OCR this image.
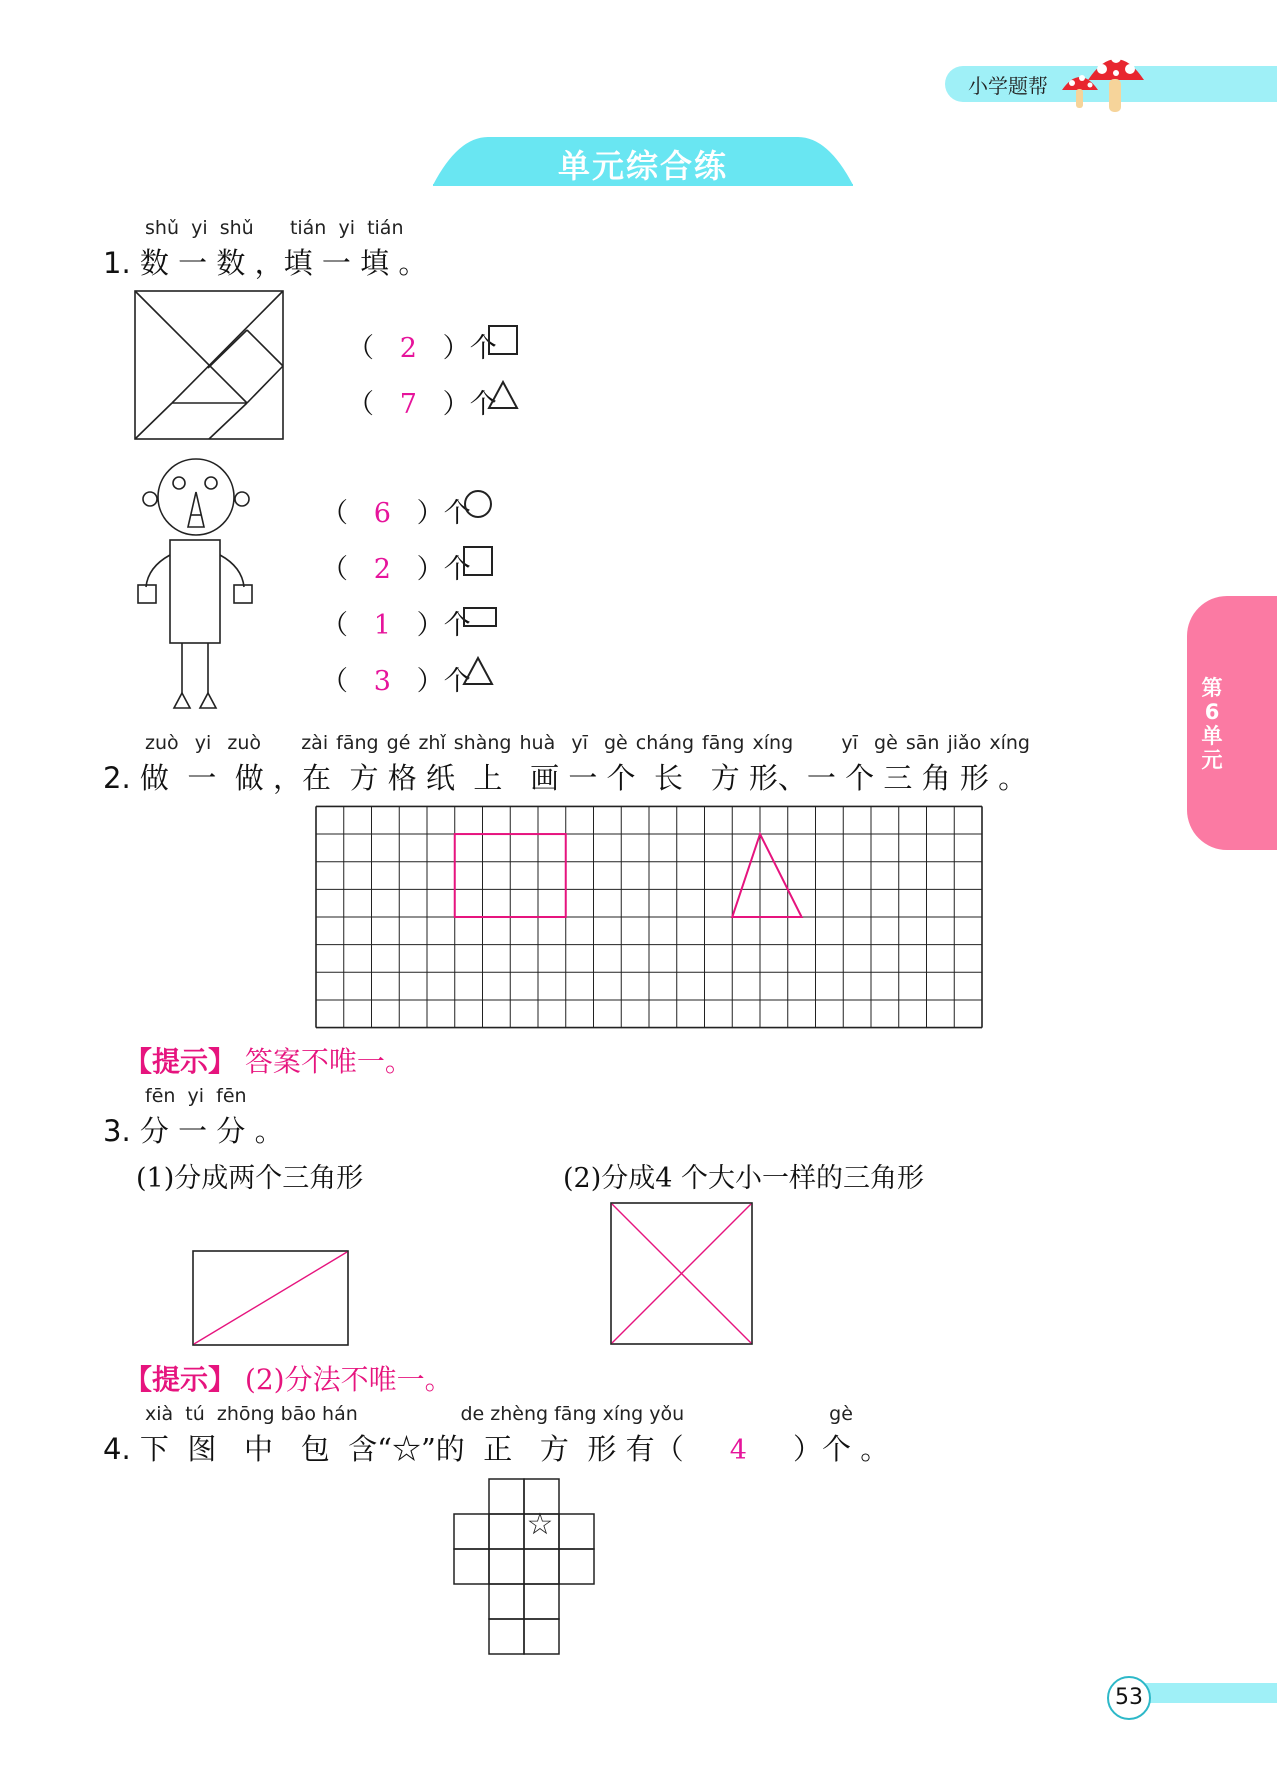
小学题帮
单元综合练
第6单元
shǔ yi shǔ tián yi tián
1. 数 一 数 ，填 一 填 。
（   2   ）个
（   7   ）个
（   6   ）个
（   2   ）个
（   1   ）个
（   3   ）个
zuò yi zuò zài fāng gé zhǐ shàng huà yī gè cháng fāng xíng	yī gè sān jiǎo xíng
2. 做 一 做 ，在 方 格 纸 上 画 一 个 长 方 形、一 个 三 角 形 。
【提示】 答案不唯一。
fēn yi fēn
3. 分 一 分 。
(1)分成两个三角形	(2)分成4 个大小一样的三角形
【提示】 (2)分法不唯一。
xià tú zhōng bāo hán	de zhèng fāng xíng yǒu	gè
4. 下 图 中 包 含“☆”的 正 方 形 有（ 4 ）个 。
☆
53
